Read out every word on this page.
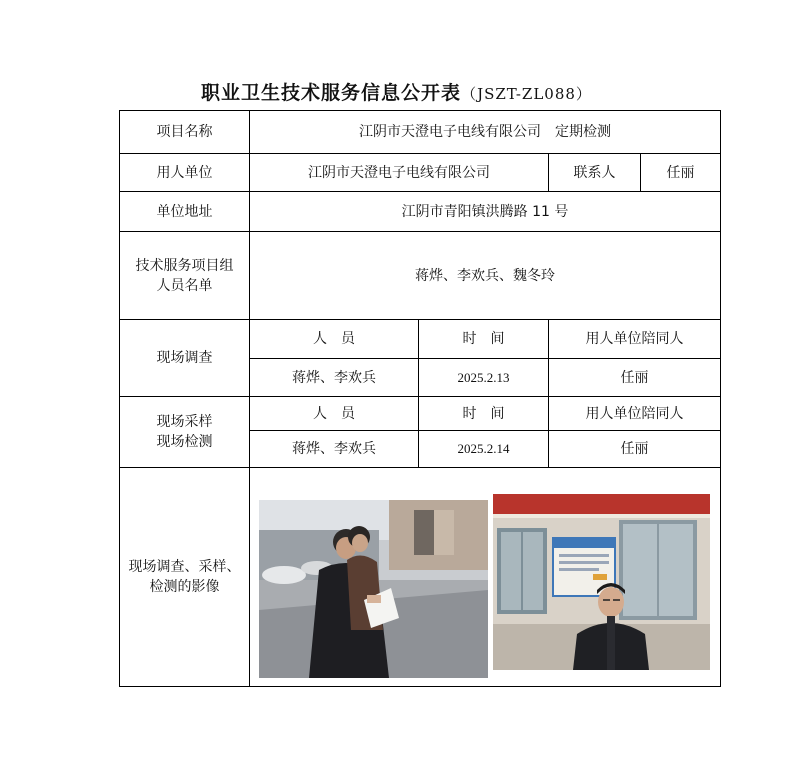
职业卫生技术服务信息公开表（JSZT-ZL088）
项目名称	江阴市天澄电子电线有限公司　定期检测			
用人单位	江阴市天澄电子电线有限公司		联系人	任丽
单位地址	江阴市青阳镇洪腾路 11 号			

技术服务项目组
人员名单	蒋烨、李欢兵、魏冬玲			
现场调查	人　员	时　间	用人单位陪同人	
	蒋烨、李欢兵	2025.2.13	任丽	

现场采样
现场检测	人　员	时　间	用人单位陪同人	
	蒋烨、李欢兵	2025.2.14	任丽	

现场调查、采样、
检测的影像				
